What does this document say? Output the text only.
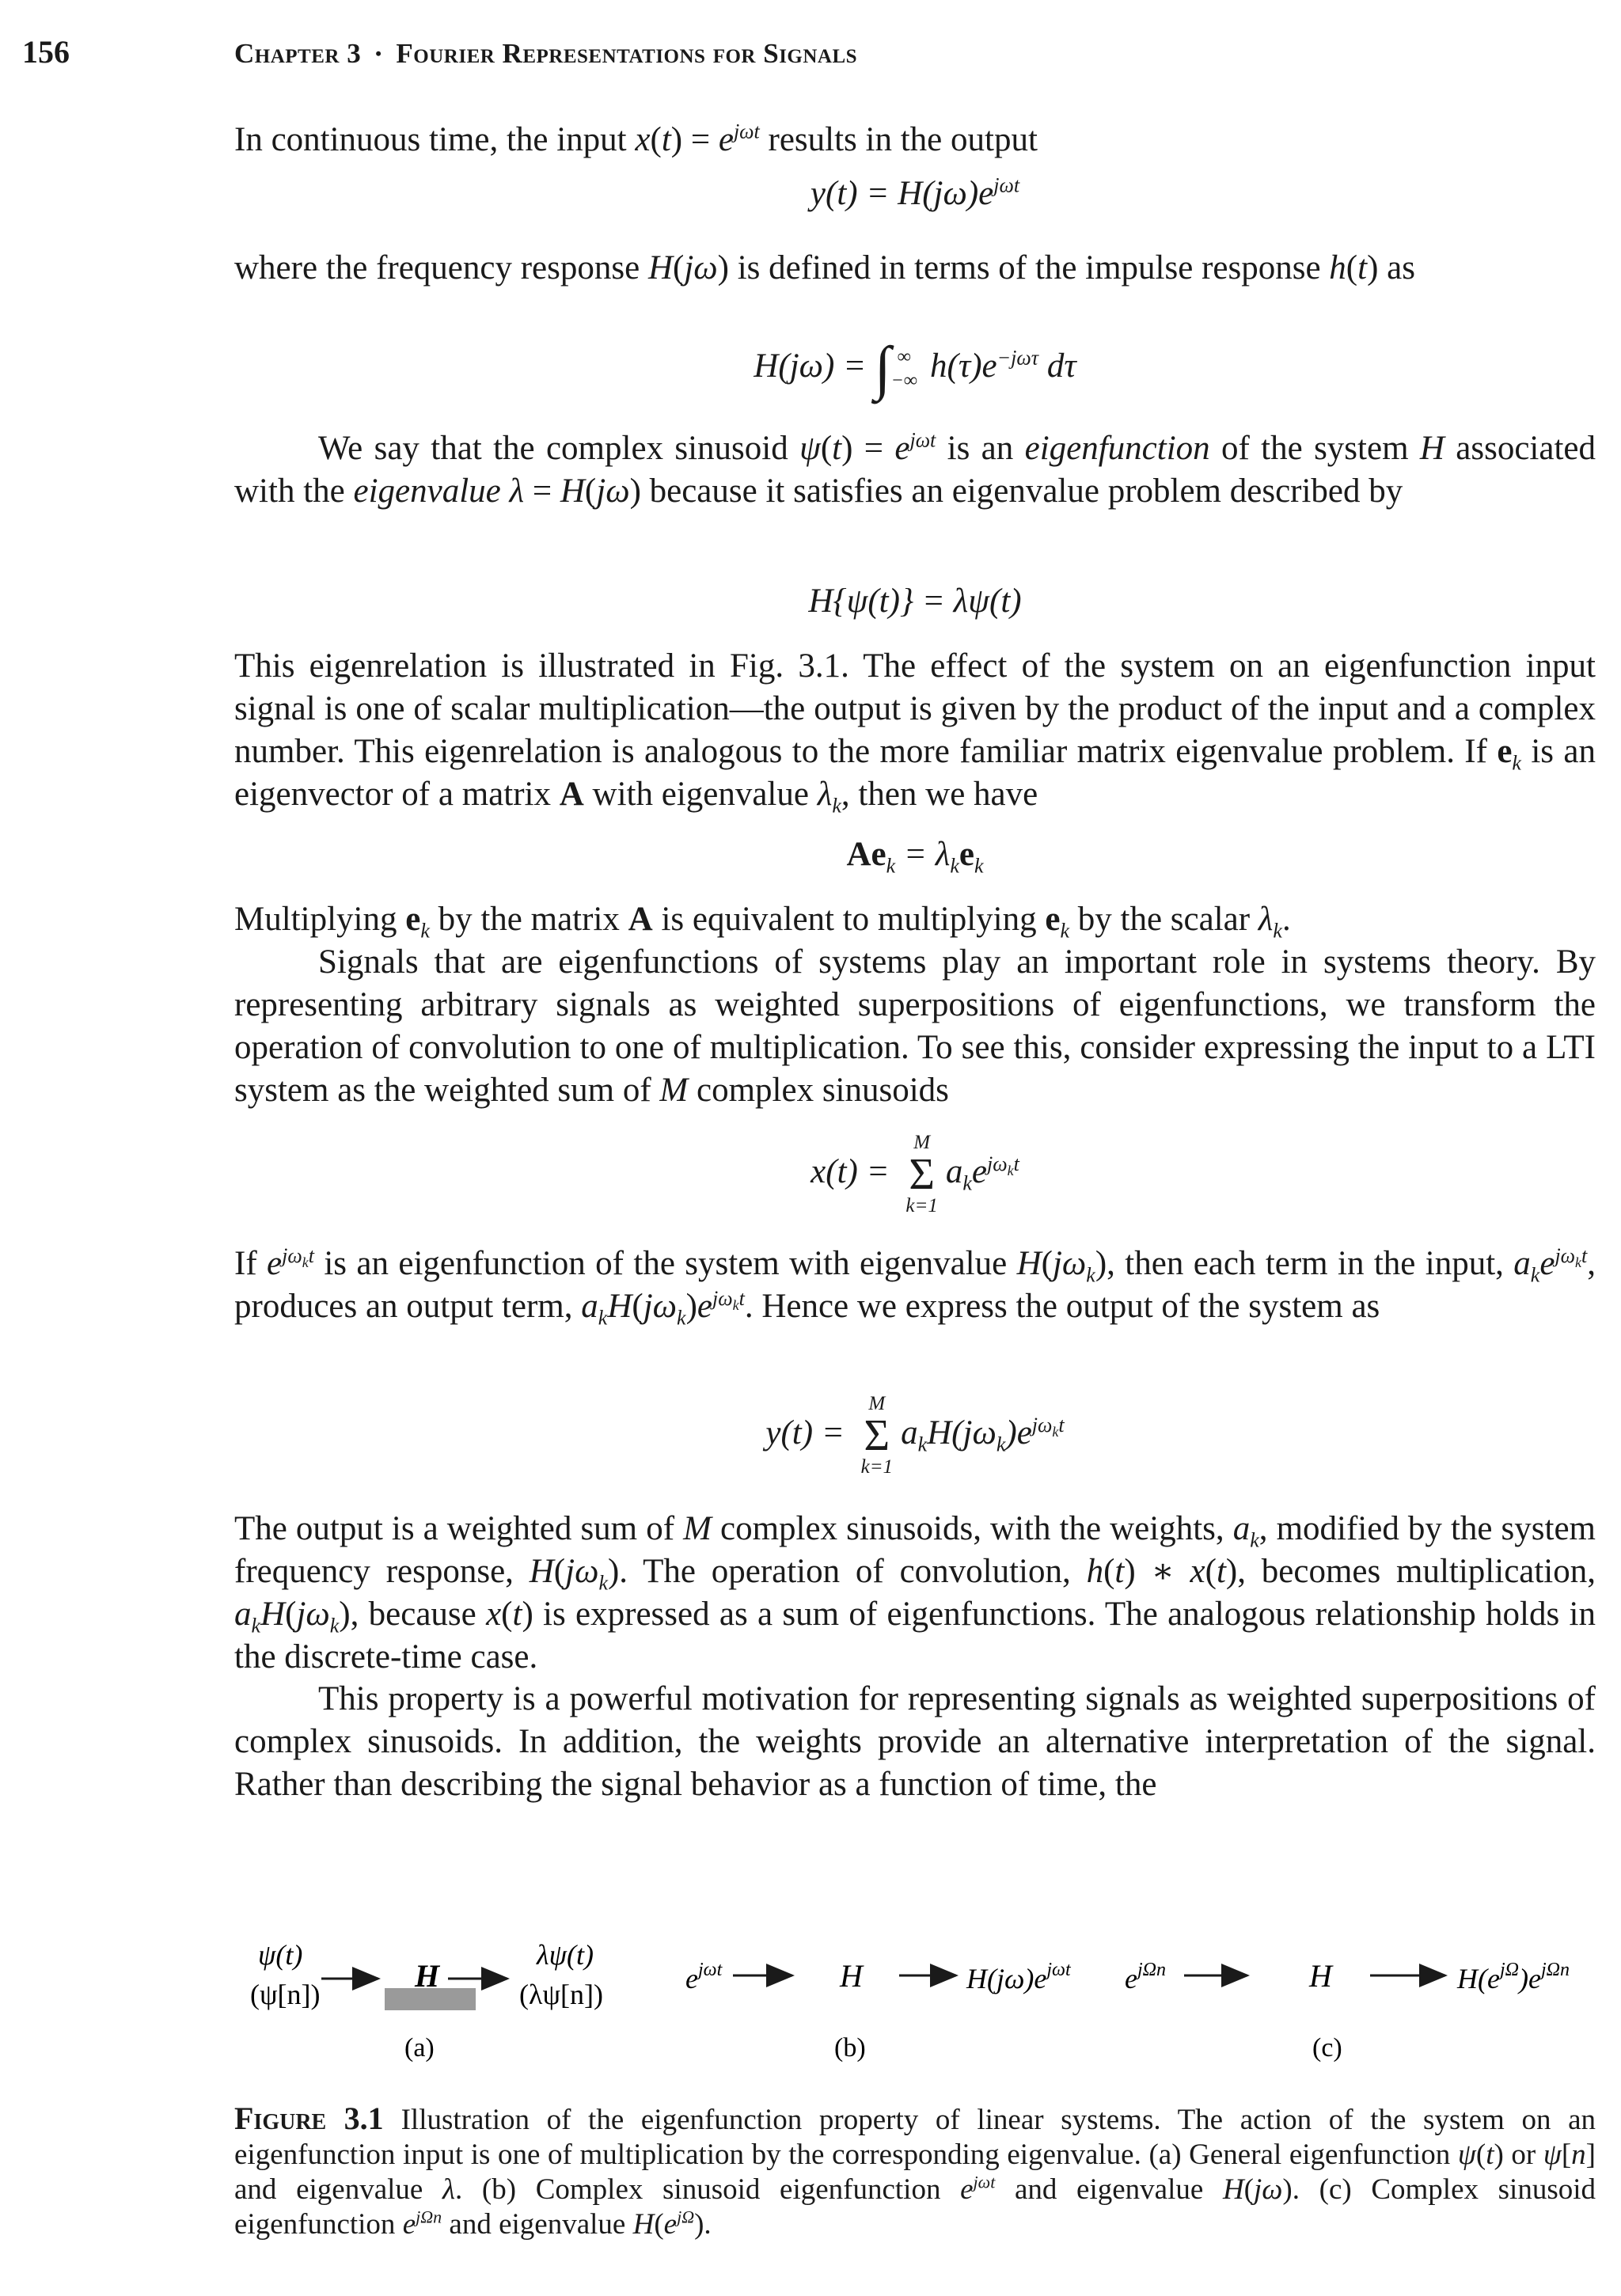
156	Chapter 3 • Fourier Representations for Signals
In continuous time, the input $x(t) = e^{j\omega t}$ results in the output
$y(t) = H(j\omega)e^{j\omega t}$
where the frequency response H(jω) is defined in terms of the impulse response h(t) as
H(jω) = ∫ ∞
−∞ $h(\tau)e^{-j\omega\tau}$ dτ
We say that the complex sinusoid $\psi(t) = e^{j\omega t}$ is an eigenfunction of the system H associated with the eigenvalue λ = H(jω) because it satisfies an eigenvalue problem described by
H{ψ(t)} = λψ(t)
This eigenrelation is illustrated in Fig. 3.1. The effect of the system on an eigenfunction input signal is one of scalar multiplication—the output is given by the product of the input and a complex number. This eigenrelation is analogous to the more familiar matrix eigenvalue problem. If $e_k$ is an eigenvector of a matrix A with eigenvalue $\lambda_k$, then we have
$Ae_k = \lambda_ke_k$
Multiplying $e_k$ by the matrix A is equivalent to multiplying $e_k$ by the scalar $\lambda_k$.
Signals that are eigenfunctions of systems play an important role in systems theory. By representing arbitrary signals as weighted superpositions of eigenfunctions, we transform the operation of convolution to one of multiplication. To see this, consider expressing the input to a LTI system as the weighted sum of M complex sinusoids
x(t) =
M
Σ
k=1
$a_ke^{j\omega_kt}$
If $e^{j\omega_kt}$ is an eigenfunction of the system with eigenvalue $H(j\omega_k)$, then each term in the input, $a_ke^{j\omega_kt}$, produces an output term, $a_kH(j\omega_k)e^{j\omega_kt}$. Hence we express the output of the system as
y(t) =
M
Σ
k=1
$a_kH(j\omega_k)e^{j\omega_kt}$
The output is a weighted sum of M complex sinusoids, with the weights, $a_k$, modified by the system frequency response, $H(j\omega_k)$. The operation of convolution, h(t) ∗ x(t), becomes multiplication, $a_kH(j\omega_k)$, because x(t) is expressed as a sum of eigenfunctions. The analogous relationship holds in the discrete-time case.
This property is a powerful motivation for representing signals as weighted superpositions of complex sinusoids. In addition, the weights provide an alternative interpretation of the signal. Rather than describing the signal behavior as a function of time, the
ψ(t)
(ψ[n])
H
λψ(t)
(λψ[n])
(a)
$e^{j\omega t}$	H	$H(j\omega)e^{j\omega t}$
(b)
$e^{j\Omega n}$	H	$H(e^{j\Omega})e^{j\Omega n}$
(c)
Figure 3.1 Illustration of the eigenfunction property of linear systems. The action of the system on an eigenfunction input is one of multiplication by the corresponding eigenvalue. (a) General eigenfunction ψ(t) or ψ[n] and eigenvalue λ. (b) Complex sinusoid eigenfunction $e^{j\omega t}$ and eigenvalue H(jω). (c) Complex sinusoid eigenfunction $e^{j\Omega n}$ and eigenvalue $H(e^{j\Omega})$.
